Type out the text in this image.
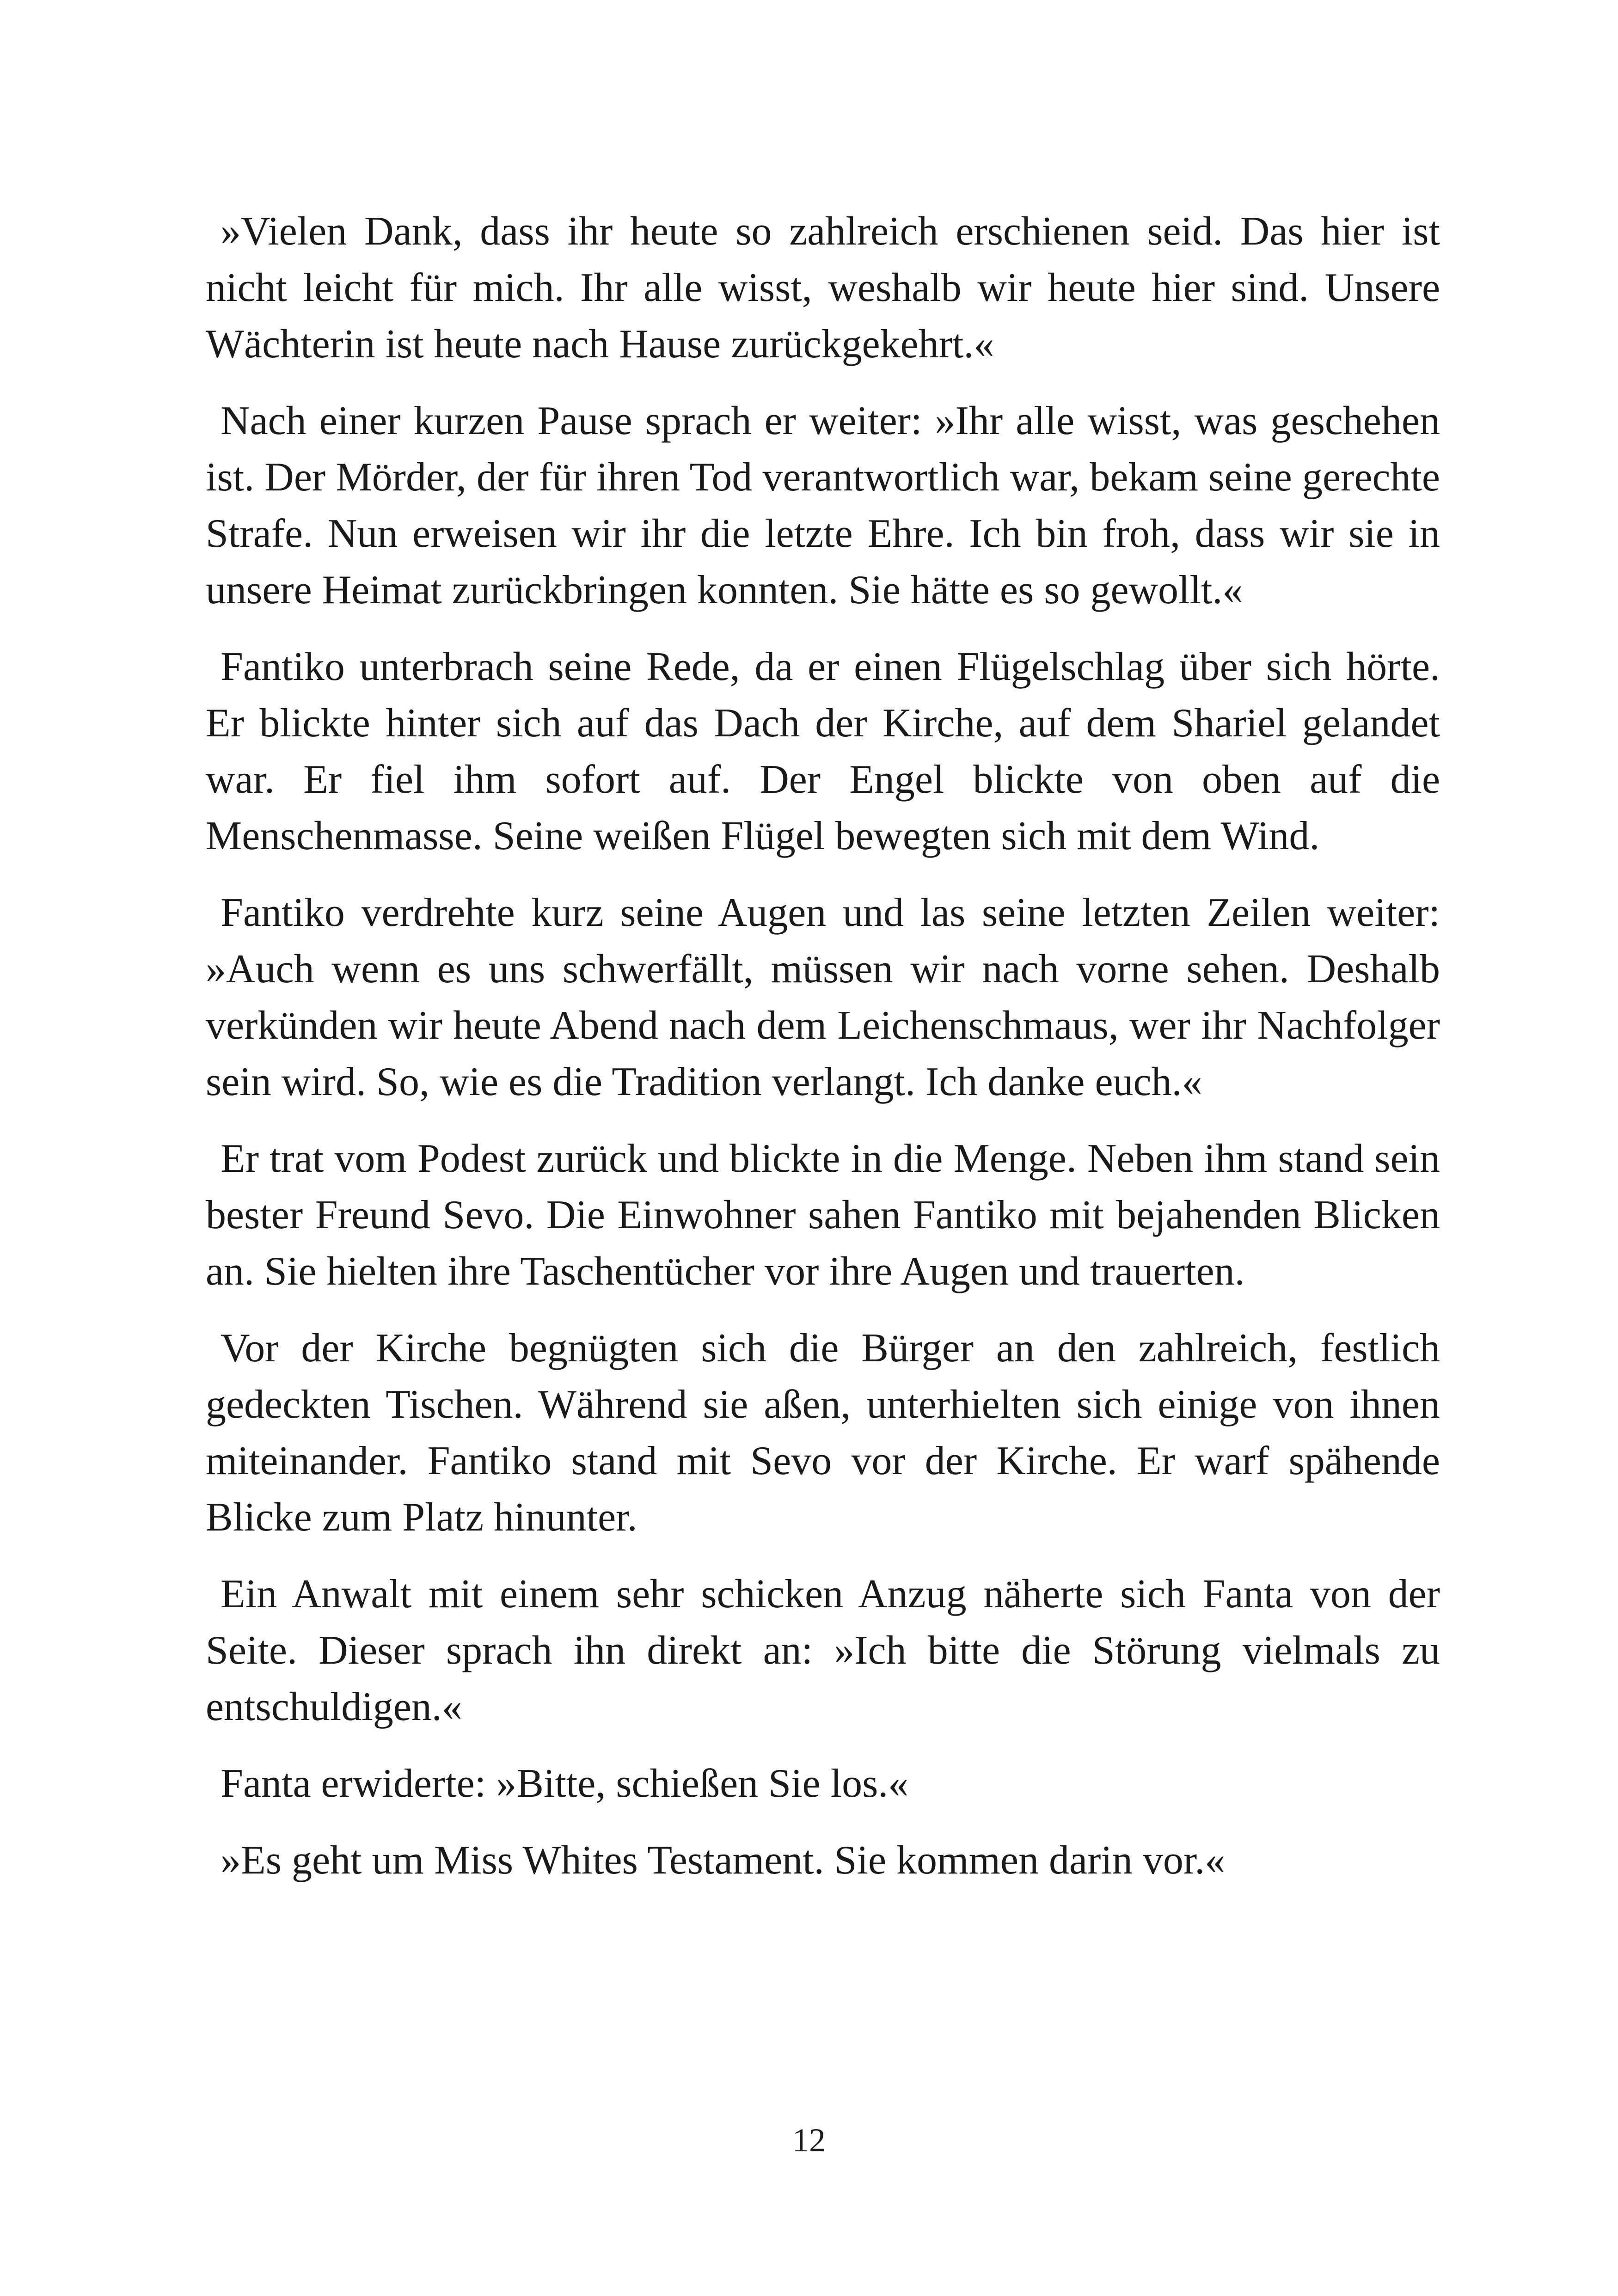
»Vielen Dank, dass ihr heute so zahlreich erschienen seid. Das hier ist nicht leicht für mich. Ihr alle wisst, weshalb wir heute hier sind. Unsere Wächterin ist heute nach Hause zurückgekehrt.«

Nach einer kurzen Pause sprach er weiter: »Ihr alle wisst, was geschehen ist. Der Mörder, der für ihren Tod verantwortlich war, bekam seine gerechte Strafe. Nun erweisen wir ihr die letzte Ehre. Ich bin froh, dass wir sie in unsere Heimat zurückbringen konnten. Sie hätte es so gewollt.«

Fantiko unterbrach seine Rede, da er einen Flügelschlag über sich hörte. Er blickte hinter sich auf das Dach der Kirche, auf dem Shariel gelandet war. Er fiel ihm sofort auf. Der Engel blickte von oben auf die Menschenmasse. Seine weißen Flügel bewegten sich mit dem Wind.

Fantiko verdrehte kurz seine Augen und las seine letzten Zeilen weiter: »Auch wenn es uns schwerfällt, müssen wir nach vorne sehen. Deshalb verkünden wir heute Abend nach dem Leichenschmaus, wer ihr Nachfolger sein wird. So, wie es die Tradition verlangt. Ich danke euch.«

Er trat vom Podest zurück und blickte in die Menge. Neben ihm stand sein bester Freund Sevo. Die Einwohner sahen Fantiko mit bejahenden Blicken an. Sie hielten ihre Taschentücher vor ihre Augen und trauerten.

Vor der Kirche begnügten sich die Bürger an den zahlreich, festlich gedeckten Tischen. Während sie aßen, unterhielten sich einige von ihnen miteinander. Fantiko stand mit Sevo vor der Kirche. Er warf spähende Blicke zum Platz hinunter.

Ein Anwalt mit einem sehr schicken Anzug näherte sich Fanta von der Seite. Dieser sprach ihn direkt an: »Ich bitte die Störung vielmals zu entschuldigen.«

Fanta erwiderte: »Bitte, schießen Sie los.«

»Es geht um Miss Whites Testament. Sie kommen darin vor.«

12
